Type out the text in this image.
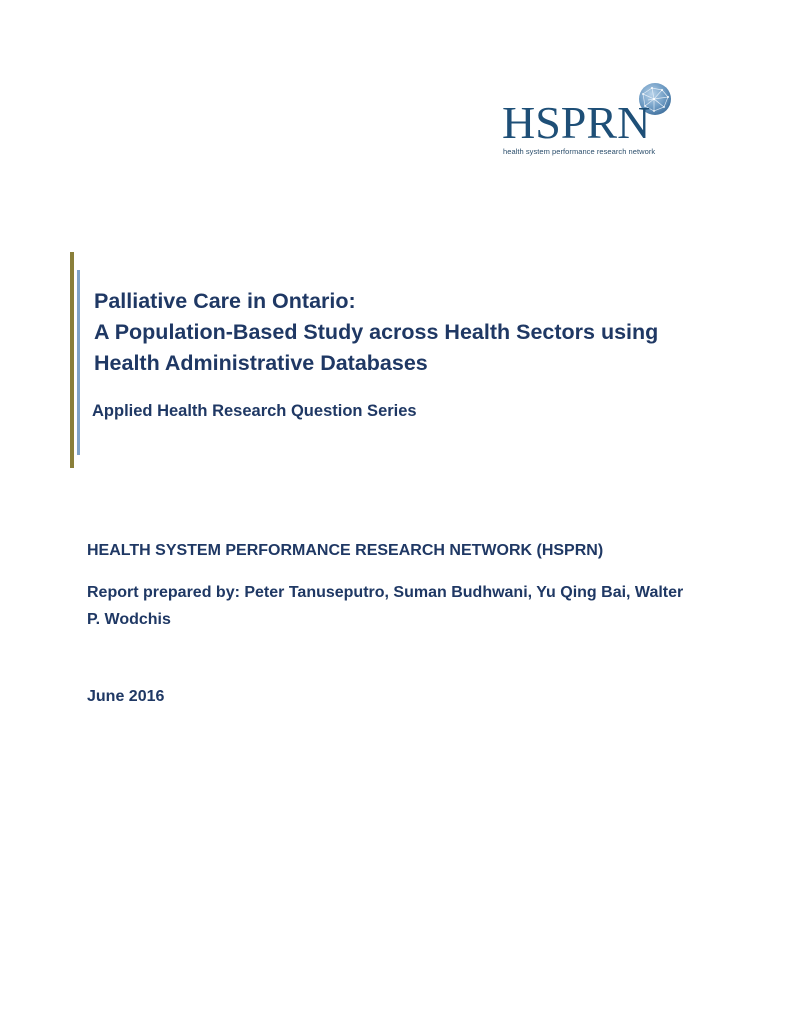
HSPRN
health system performance research network
Palliative Care in Ontario:
A Population-Based Study across Health Sectors using
Health Administrative Databases
Applied Health Research Question Series
HEALTH SYSTEM PERFORMANCE RESEARCH NETWORK (HSPRN)
Report prepared by: Peter Tanuseputro, Suman Budhwani, Yu Qing Bai, Walter P. Wodchis
June 2016
